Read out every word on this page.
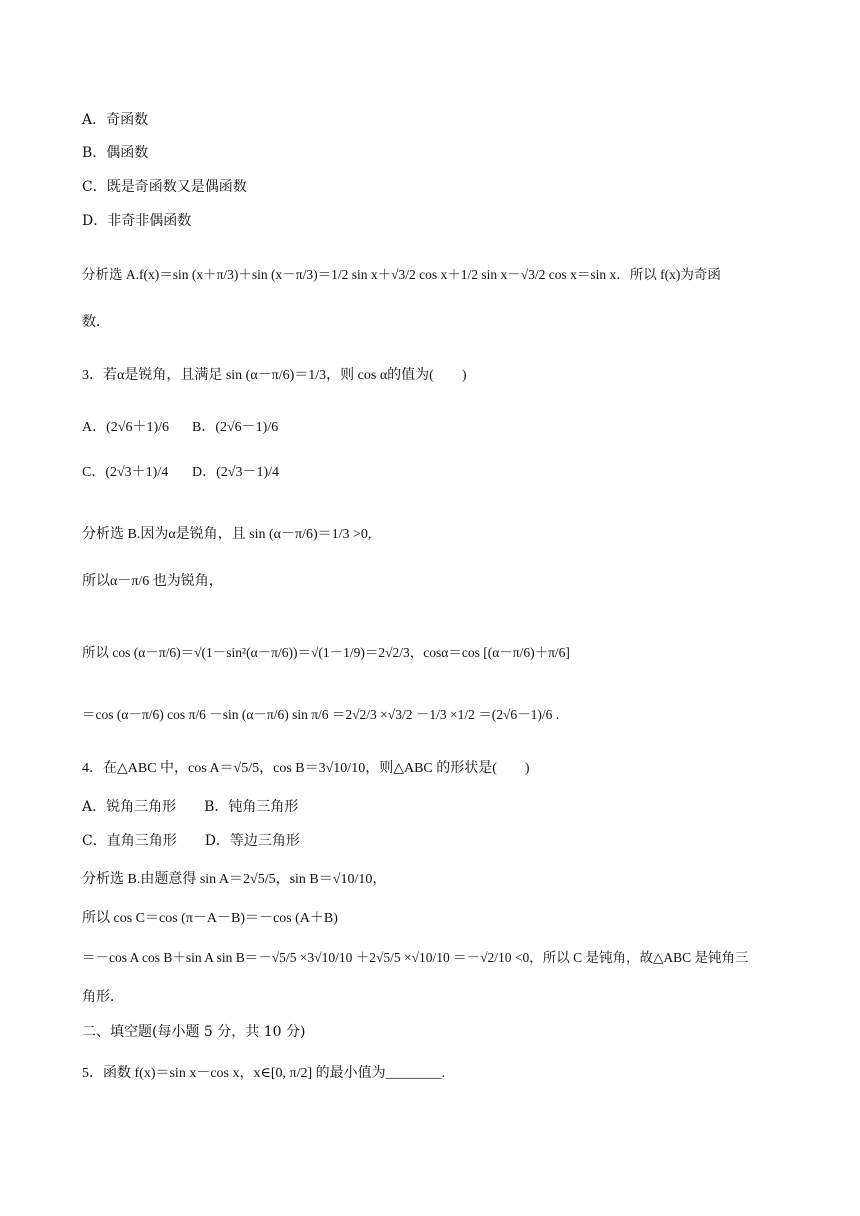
A．奇函数
B．偶函数
C．既是奇函数又是偶函数
D．非奇非偶函数
分析选 A.f(x)＝sin (x＋π/3)＋sin (x－π/3)＝1/2 sin x＋√3/2 cos x＋1/2 sin x－√3/2 cos x＝sin x．所以 f(x)为奇函
数．
3．若α是锐角，且满足 sin (α－π/6)＝1/3，则 cos α的值为(　　)
A．(2√6＋1)/6 B．(2√6－1)/6
C．(2√3＋1)/4 D．(2√3－1)/4
分析选 B.因为α是锐角，且 sin (α－π/6)＝1/3 >0,
所以α－π/6 也为锐角，
所以 cos (α－π/6)＝√(1－sin²(α－π/6))＝√(1－1/9)＝2√2/3，cosα＝cos [(α－π/6)＋π/6]
＝cos (α－π/6) cos π/6 －sin (α－π/6) sin π/6 ＝2√2/3 ×√3/2 －1/3 ×1/2 ＝(2√6－1)/6 .
4．在△ABC 中，cos A＝√5/5，cos B＝3√10/10，则△ABC 的形状是(　　)
A．锐角三角形　　B．钝角三角形
C．直角三角形　　D．等边三角形
分析选 B.由题意得 sin A＝2√5/5，sin B＝√10/10，
所以 cos C＝cos (π－A－B)＝－cos (A＋B)
＝－cos A cos B＋sin A sin B＝－√5/5 ×3√10/10 ＋2√5/5 ×√10/10 ＝－√2/10 <0，所以 C 是钝角，故△ABC 是钝角三
角形．
二、填空题(每小题 5 分，共 10 分)
5．函数 f(x)＝sin x－cos x，x∈[0, π/2] 的最小值为________.
